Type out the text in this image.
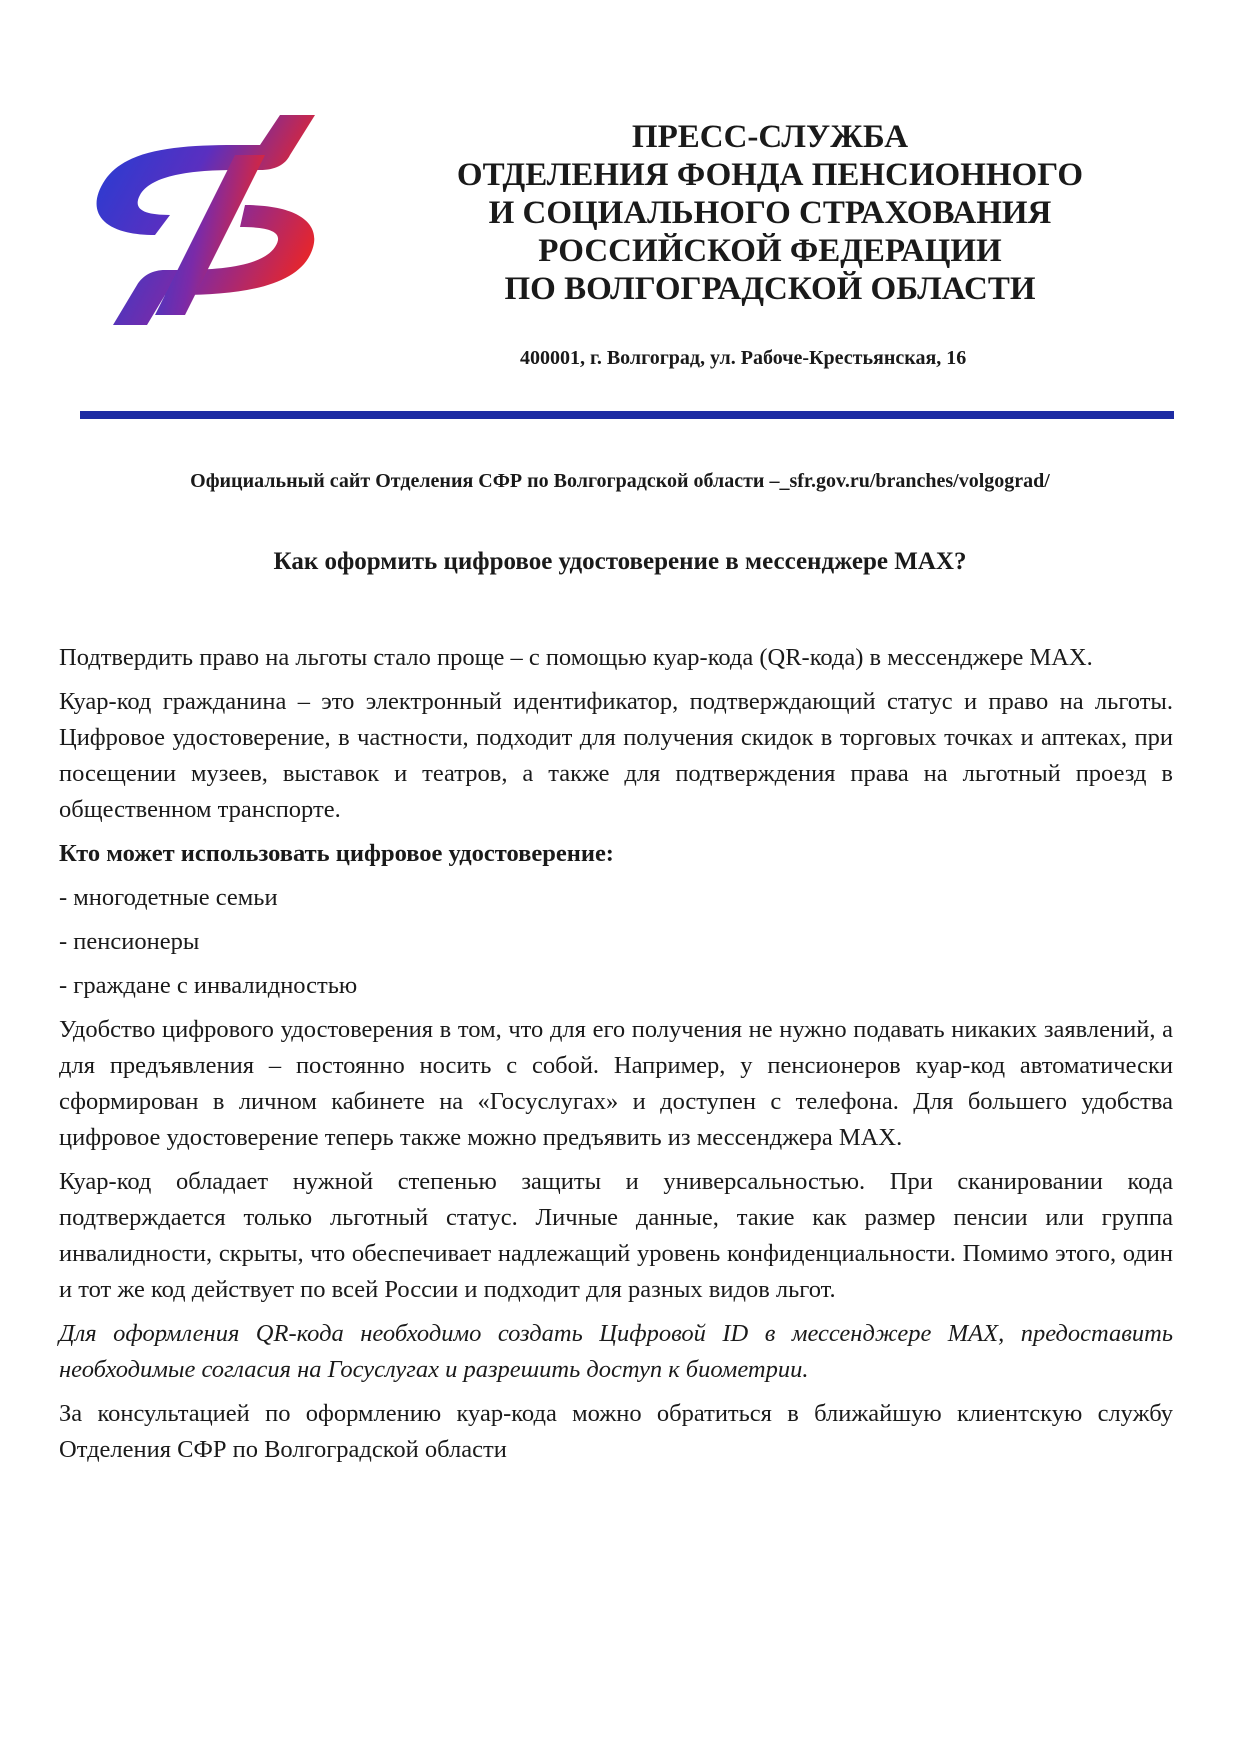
ПРЕСС-СЛУЖБА
ОТДЕЛЕНИЯ ФОНДА ПЕНСИОННОГО
И СОЦИАЛЬНОГО СТРАХОВАНИЯ
РОССИЙСКОЙ ФЕДЕРАЦИИ
ПО ВОЛГОГРАДСКОЙ ОБЛАСТИ
400001, г. Волгоград, ул. Рабоче-Крестьянская, 16
Официальный сайт Отделения СФР по Волгоградской области –_sfr.gov.ru/branches/volgograd/
Как оформить цифровое удостоверение в мессенджере MAX?

Подтвердить право на льготы стало проще – с помощью куар-кода (QR-кода) в мессенджере MAX.

Куар-код гражданина – это электронный идентификатор, подтверждающий статус и право на льготы. Цифровое удостоверение, в частности, подходит для получения скидок в торговых точках и аптеках, при посещении музеев, выставок и театров, а также для подтверждения права на льготный проезд в общественном транспорте.

Кто может использовать цифровое удостоверение:

- многодетные семьи

- пенсионеры

- граждане с инвалидностью

Удобство цифрового удостоверения в том, что для его получения не нужно подавать никаких заявлений, а для предъявления – постоянно носить с собой. Например, у пенсионеров куар-код автоматически сформирован в личном кабинете на «Госуслугах» и доступен с телефона. Для большего удобства цифровое удостоверение теперь также можно предъявить из мессенджера MAX.

Куар-код обладает нужной степенью защиты и универсальностью. При сканировании кода подтверждается только льготный статус. Личные данные, такие как размер пенсии или группа инвалидности, скрыты, что обеспечивает надлежащий уровень конфиденциальности. Помимо этого, один и тот же код действует по всей России и подходит для разных видов льгот.

Для оформления QR-кода необходимо создать Цифровой ID в мессенджере MAX, предоставить необходимые согласия на Госуслугах и разрешить доступ к биометрии.

За консультацией по оформлению куар-кода можно обратиться в ближайшую клиентскую службу Отделения СФР по Волгоградской области
